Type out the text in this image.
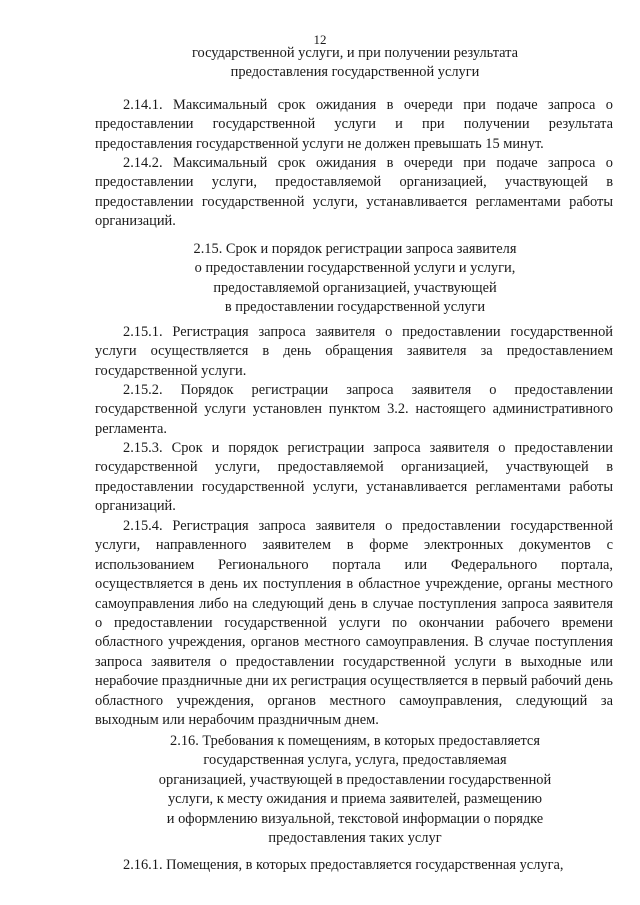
12
государственной услуги, и при получении результата
предоставления государственной услуги

2.14.1. Максимальный срок ожидания в очереди при подаче запроса о предоставлении государственной услуги и при получении результата предоставления государственной услуги не должен превышать 15 минут.

2.14.2. Максимальный срок ожидания в очереди при подаче запроса о предоставлении услуги, предоставляемой организацией, участвующей в предоставлении государственной услуги, устанавливается регламентами работы организаций.

2.15. Срок и порядок регистрации запроса заявителя
о предоставлении государственной услуги и услуги,
предоставляемой организацией, участвующей
в предоставлении государственной услуги

2.15.1. Регистрация запроса заявителя о предоставлении государственной услуги осуществляется в день обращения заявителя за предоставлением государственной услуги.

2.15.2. Порядок регистрации запроса заявителя о предоставлении государственной услуги установлен пунктом 3.2. настоящего административного регламента.

2.15.3. Срок и порядок регистрации запроса заявителя о предоставлении государственной услуги, предоставляемой организацией, участвующей в предоставлении государственной услуги, устанавливается регламентами работы организаций.

2.15.4. Регистрация запроса заявителя о предоставлении государственной услуги, направленного заявителем в форме электронных документов с использованием Регионального портала или Федерального портала, осуществляется в день их поступления в областное учреждение, органы местного самоуправления либо на следующий день в случае поступления запроса заявителя о предоставлении государственной услуги по окончании рабочего времени областного учреждения, органов местного самоуправления. В случае поступления запроса заявителя о предоставлении государственной услуги в выходные или нерабочие праздничные дни их регистрация осуществляется в первый рабочий день областного учреждения, органов местного самоуправления, следующий за выходным или нерабочим праздничным днем.

2.16. Требования к помещениям, в которых предоставляется
государственная услуга, услуга, предоставляемая
организацией, участвующей в предоставлении государственной
услуги, к месту ожидания и приема заявителей, размещению
и оформлению визуальной, текстовой информации о порядке
предоставления таких услуг

2.16.1. Помещения, в которых предоставляется государственная услуга,
